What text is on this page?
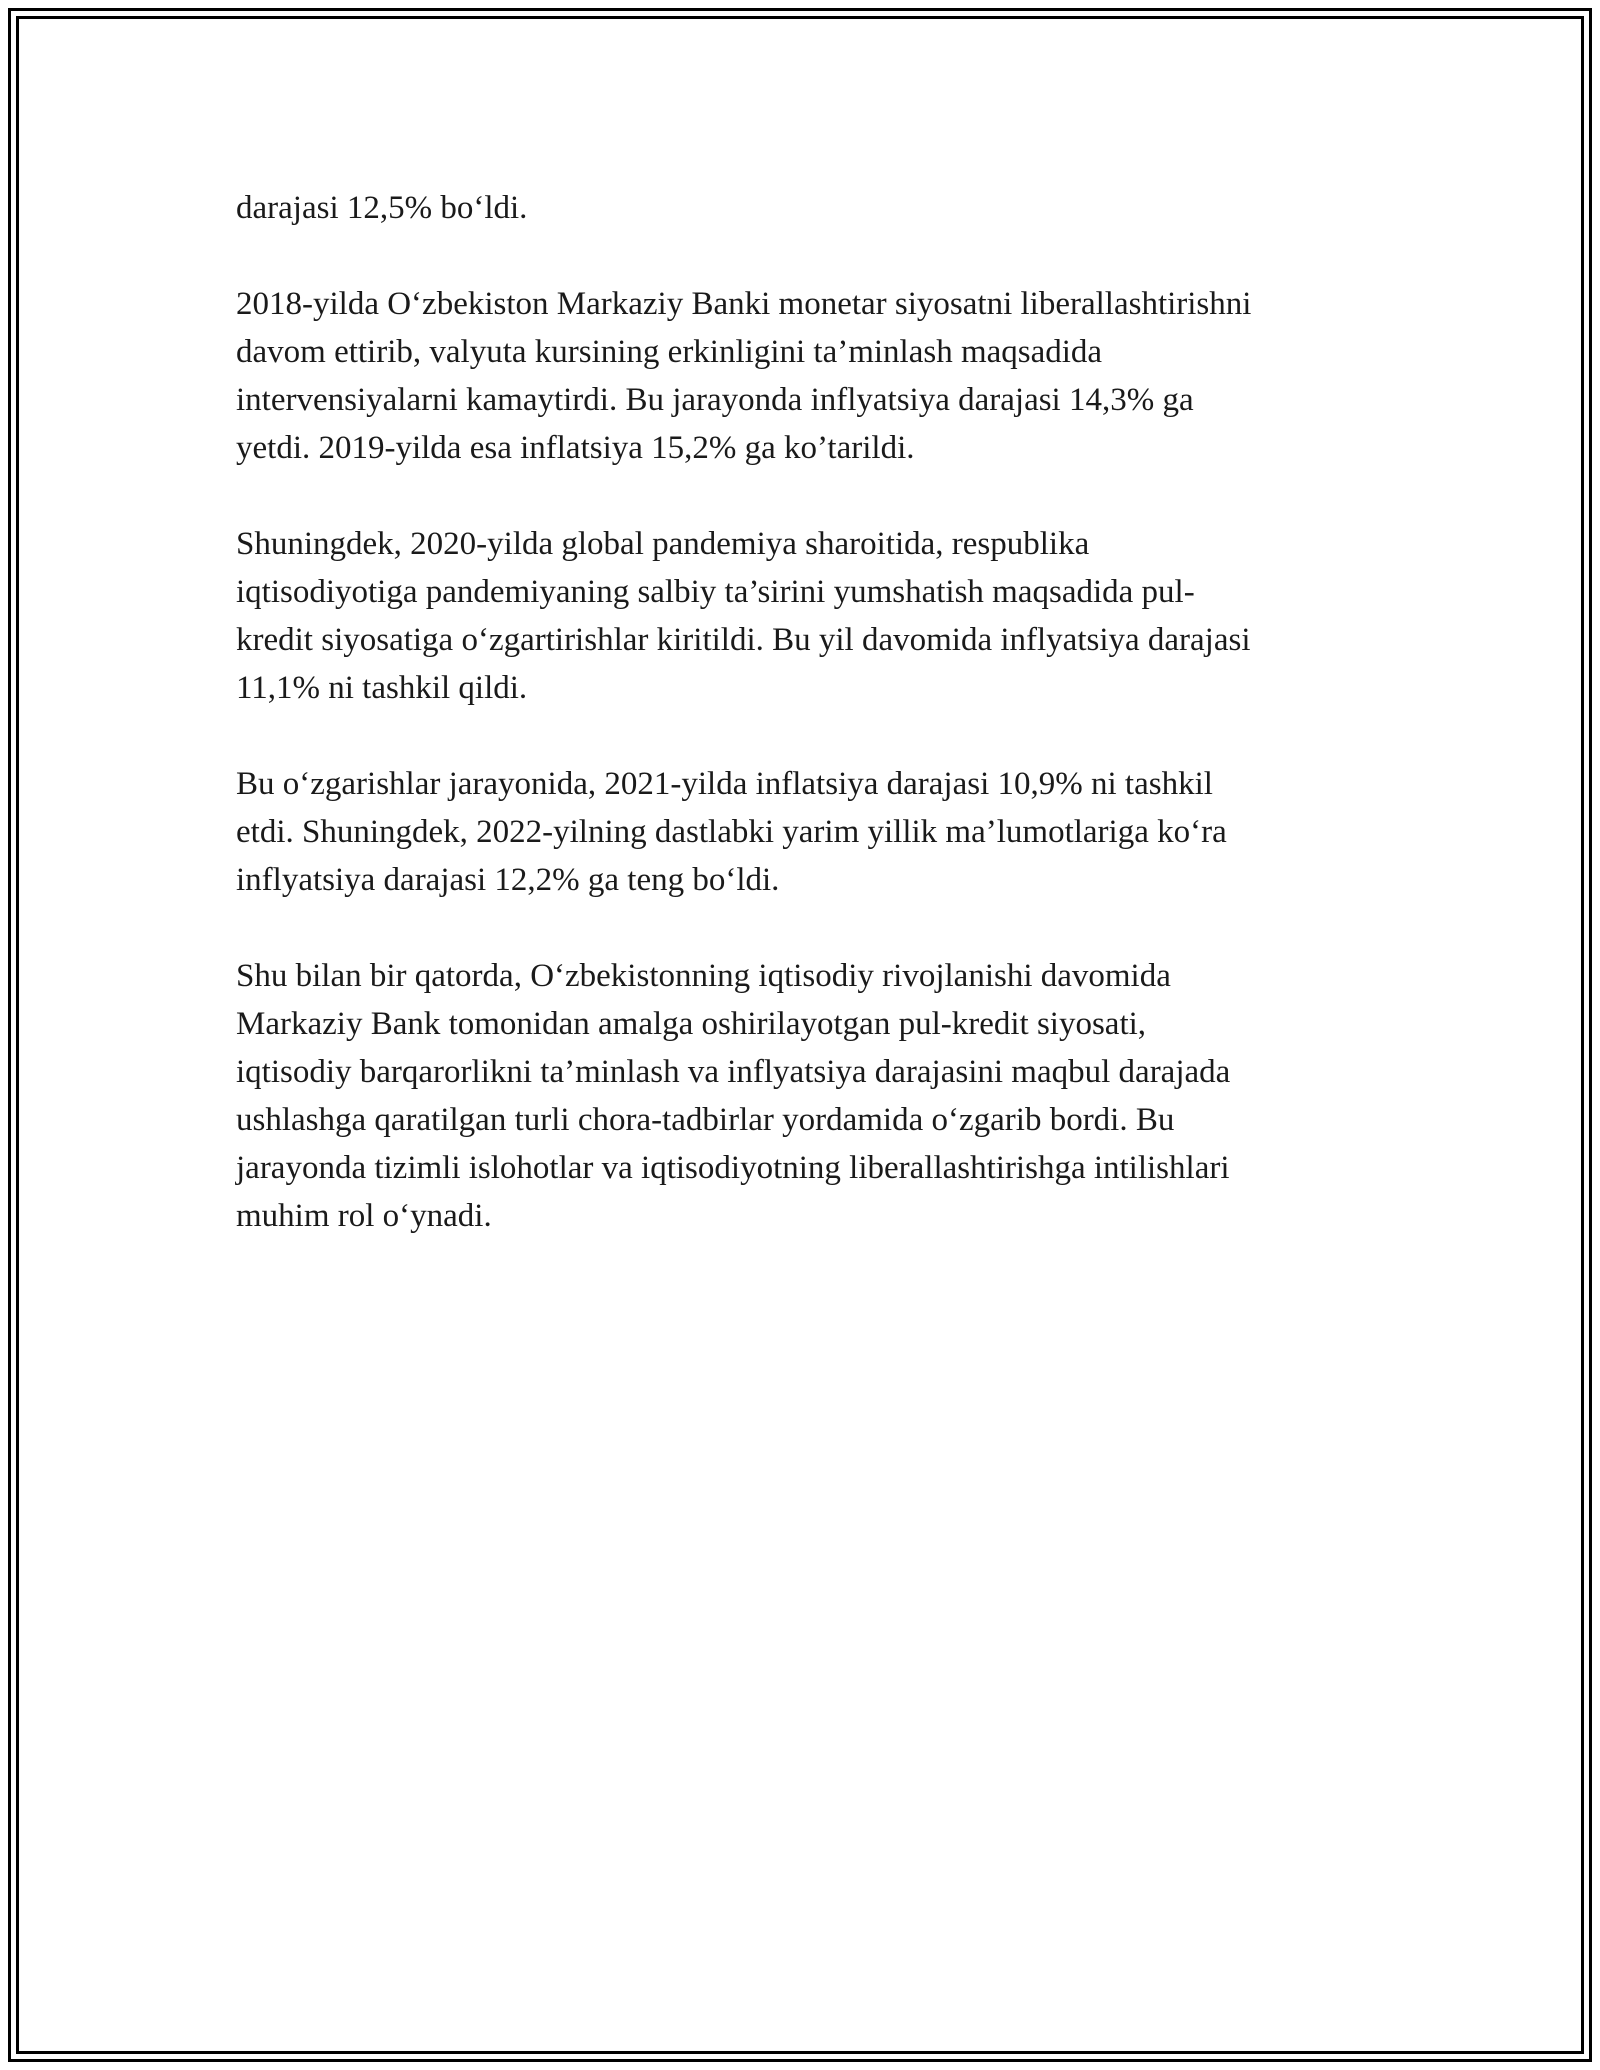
darajasi 12,5% bo‘ldi.

2018-yilda O‘zbekiston Markaziy Banki monetar siyosatni liberallashtirishni
davom ettirib, valyuta kursining erkinligini ta’minlash maqsadida
intervensiyalarni kamaytirdi. Bu jarayonda inflyatsiya darajasi 14,3% ga
yetdi. 2019-yilda esa inflatsiya 15,2% ga ko’tarildi.

Shuningdek, 2020-yilda global pandemiya sharoitida, respublika
iqtisodiyotiga pandemiyaning salbiy ta’sirini yumshatish maqsadida pul-
kredit siyosatiga o‘zgartirishlar kiritildi. Bu yil davomida inflyatsiya darajasi
11,1% ni tashkil qildi.

Bu o‘zgarishlar jarayonida, 2021-yilda inflatsiya darajasi 10,9% ni tashkil
etdi. Shuningdek, 2022-yilning dastlabki yarim yillik ma’lumotlariga ko‘ra
inflyatsiya darajasi 12,2% ga teng bo‘ldi.

Shu bilan bir qatorda, O‘zbekistonning iqtisodiy rivojlanishi davomida
Markaziy Bank tomonidan amalga oshirilayotgan pul-kredit siyosati,
iqtisodiy barqarorlikni ta’minlash va inflyatsiya darajasini maqbul darajada
ushlashga qaratilgan turli chora-tadbirlar yordamida o‘zgarib bordi. Bu
jarayonda tizimli islohotlar va iqtisodiyotning liberallashtirishga intilishlari
muhim rol o‘ynadi.
